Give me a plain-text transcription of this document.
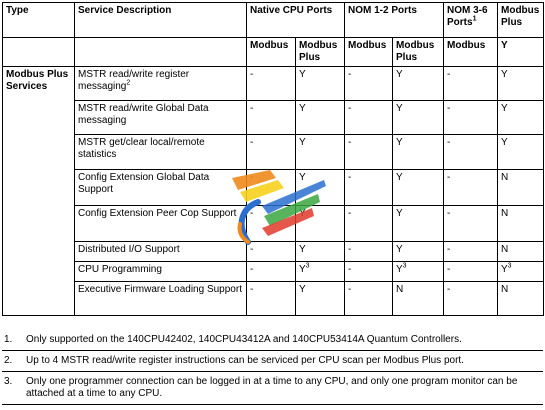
Type	Service Description	Native CPU Ports		NOM 1-2 Ports		NOM 3-6 Ports$^1$	Modbus Plus
		Modbus	Modbus Plus	Modbus	Modbus Plus	Modbus	Y
Modbus Plus Services	MSTR read/write register messaging$^2$	-	Y	-	Y	-	Y
	MSTR read/write Global Data messaging	-	Y	-	Y	-	Y
	MSTR get/clear local/remote statistics	-	Y	-	Y	-	Y
	Config Extension Global Data Support		Y	-	Y	-	N
	Config Extension Peer Cop Support	-		-	Y	-	N
	Distributed I/O Support	-	Y	-	Y	-	N
	CPU Programming	-	$Y^3$	-	$Y^3$	-	$Y^3$
	Executive Firmware Loading Support	-	Y	-	N	-	N
1.	Only supported on the 140CPU42402, 140CPU43412A and 140CPU53414A Quantum Controllers.
2.	Up to 4 MSTR read/write register instructions can be serviced per CPU scan per Modbus Plus port.
3.	Only one programmer connection can be logged in at a time to any CPU, and only one program monitor can be attached at a time to any CPU.
